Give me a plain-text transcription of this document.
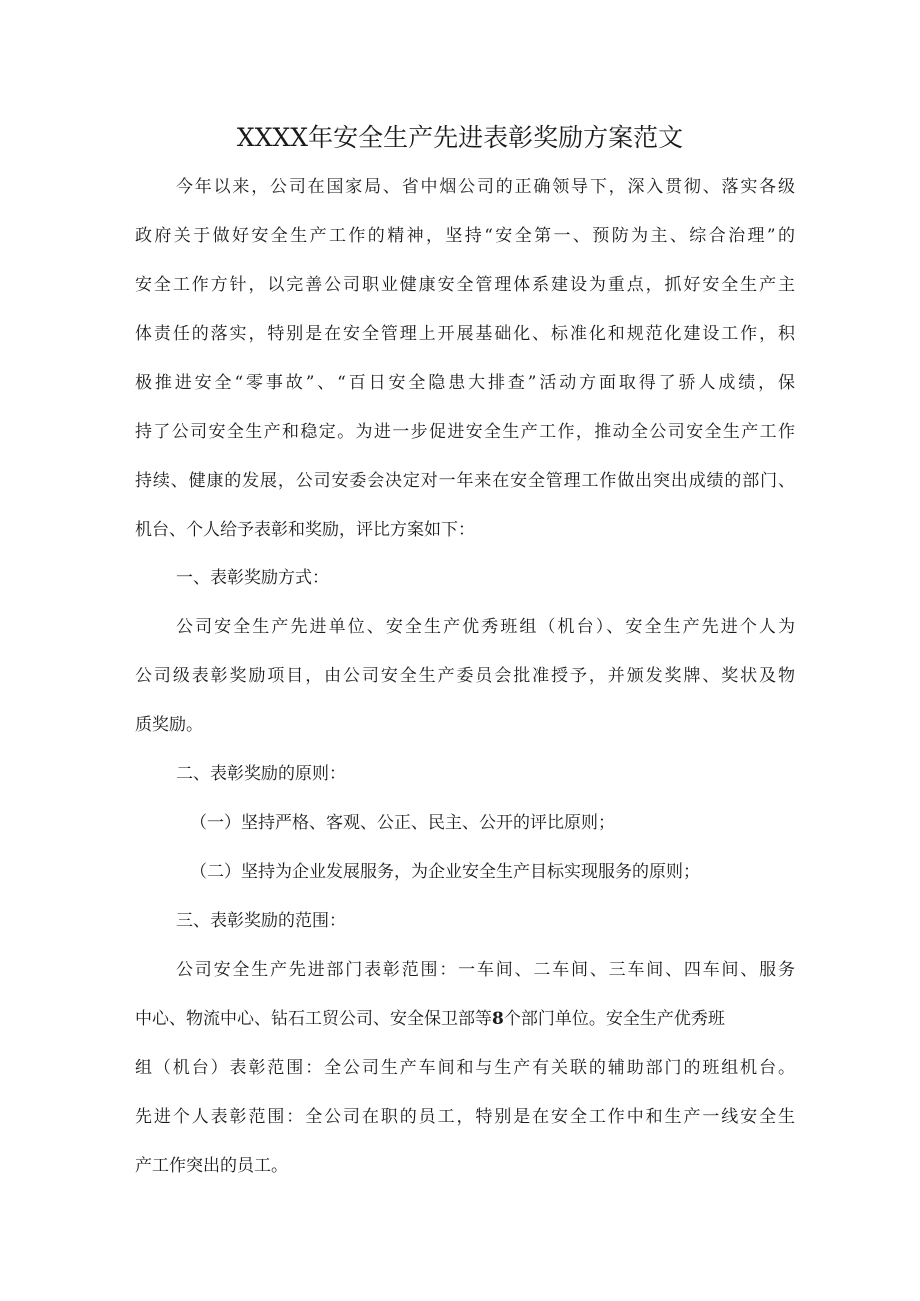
XXXX年安全生产先进表彰奖励方案范文

今年以来，公司在国家局、省中烟公司的正确领导下，深入贯彻、落实各级

政府关于做好安全生产工作的精神，坚持“安全第一、预防为主、综合治理”的

安全工作方针，以完善公司职业健康安全管理体系建设为重点，抓好安全生产主

体责任的落实，特别是在安全管理上开展基础化、标准化和规范化建设工作，积

极推进安全“零事故”、“百日安全隐患大排查”活动方面取得了骄人成绩，保

持了公司安全生产和稳定。为进一步促进安全生产工作，推动全公司安全生产工作

持续、健康的发展，公司安委会决定对一年来在安全管理工作做出突出成绩的部门、

机台、个人给予表彰和奖励，评比方案如下：

一、表彰奖励方式：

公司安全生产先进单位、安全生产优秀班组（机台）、安全生产先进个人为

公司级表彰奖励项目，由公司安全生产委员会批准授予，并颁发奖牌、奖状及物

质奖励。

二、表彰奖励的原则：

（一）坚持严格、客观、公正、民主、公开的评比原则；

（二）坚持为企业发展服务，为企业安全生产目标实现服务的原则；

三、表彰奖励的范围：

公司安全生产先进部门表彰范围：一车间、二车间、三车间、四车间、服务

中心、物流中心、钻石工贸公司、安全保卫部等8个部门单位。安全生产优秀班

组（机台）表彰范围：全公司生产车间和与生产有关联的辅助部门的班组机台。

先进个人表彰范围：全公司在职的员工，特别是在安全工作中和生产一线安全生

产工作突出的员工。
